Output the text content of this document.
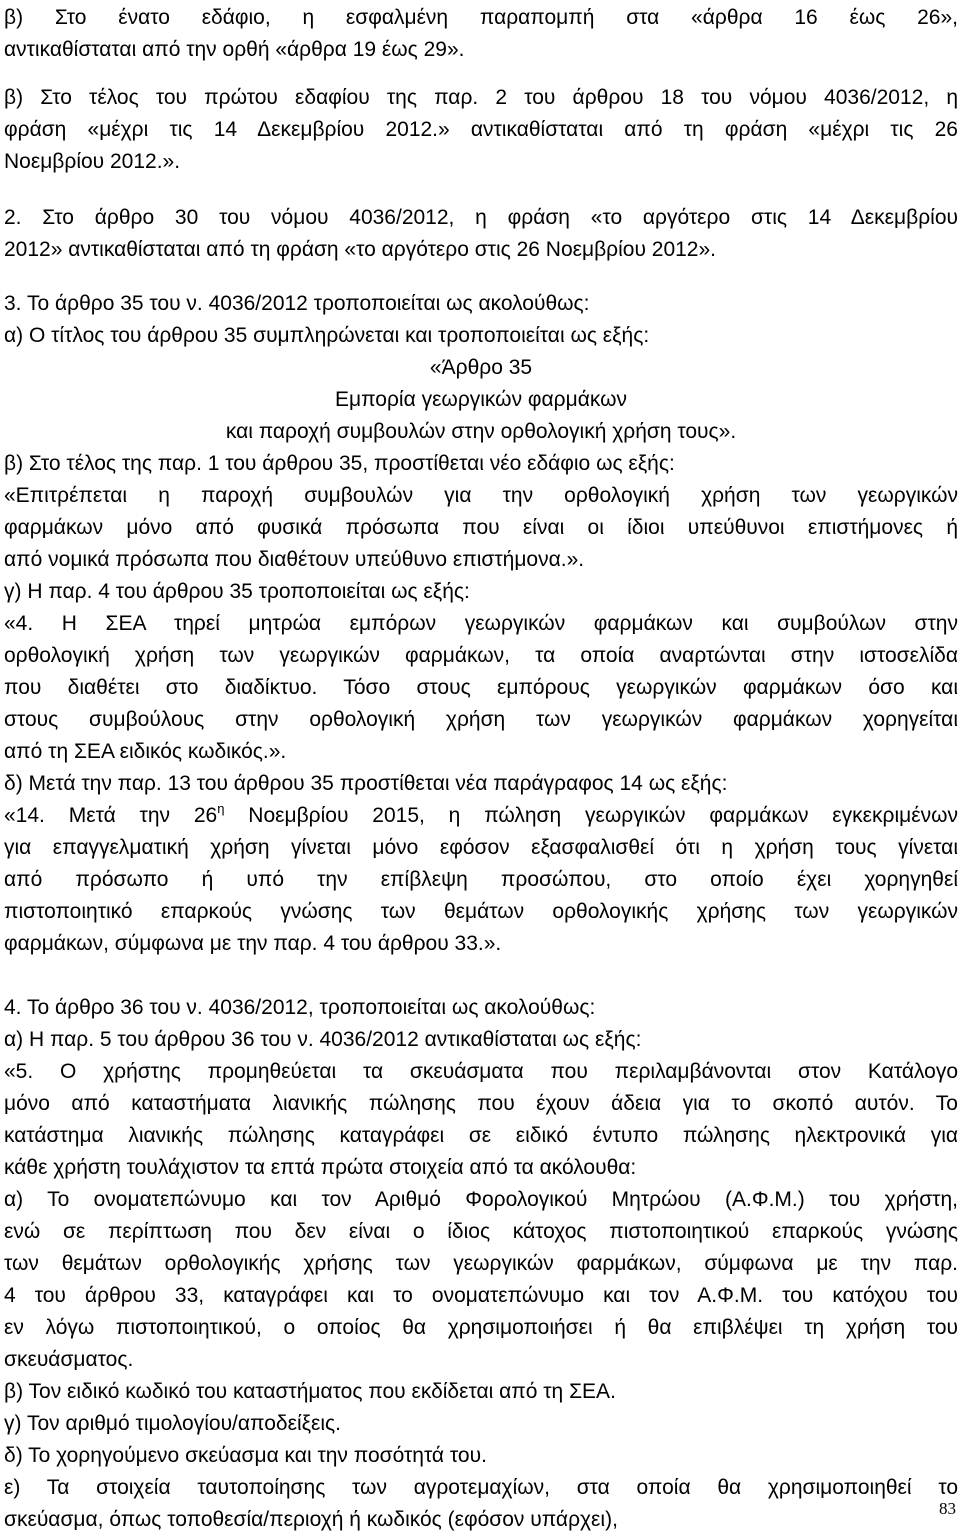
β) Στο ένατο εδάφιο, η εσφαλμένη παραπομπή στα «άρθρα 16 έως 26»,
αντικαθίσταται από την ορθή «άρθρα 19 έως 29».
β) Στο τέλος του πρώτου εδαφίου της παρ. 2 του άρθρου 18 του νόμου 4036/2012, η
φράση «μέχρι τις 14 Δεκεμβρίου 2012.» αντικαθίσταται από τη φράση «μέχρι τις 26
Νοεμβρίου 2012.».
2. Στο άρθρο 30 του νόμου 4036/2012, η φράση «το αργότερο στις 14 Δεκεμβρίου
2012» αντικαθίσταται από τη φράση «το αργότερο στις 26 Νοεμβρίου 2012».
3. Το άρθρο 35 του ν. 4036/2012 τροποποιείται ως ακολούθως:
α) Ο τίτλος του άρθρου 35 συμπληρώνεται και τροποποιείται ως εξής:
«Άρθρο 35
Εμπορία γεωργικών φαρμάκων
και παροχή συμβουλών στην ορθολογική χρήση τους».
β) Στο τέλος της παρ. 1 του άρθρου 35, προστίθεται νέο εδάφιο ως εξής:
«Επιτρέπεται η παροχή συμβουλών για την ορθολογική χρήση των γεωργικών
φαρμάκων μόνο από φυσικά πρόσωπα που είναι οι ίδιοι υπεύθυνοι επιστήμονες ή
από νομικά πρόσωπα που διαθέτουν υπεύθυνο επιστήμονα.».
γ) Η παρ. 4 του άρθρου 35 τροποποιείται ως εξής:
«4. Η ΣΕΑ τηρεί μητρώα εμπόρων γεωργικών φαρμάκων και συμβούλων στην
ορθολογική χρήση των γεωργικών φαρμάκων, τα οποία αναρτώνται στην ιστοσελίδα
που διαθέτει στο διαδίκτυο. Τόσο στους εμπόρους γεωργικών φαρμάκων όσο και
στους συμβούλους στην ορθολογική χρήση των γεωργικών φαρμάκων χορηγείται
από τη ΣΕΑ ειδικός κωδικός.».
δ) Μετά την παρ. 13 του άρθρου 35 προστίθεται νέα παράγραφος 14 ως εξής:
«14. Μετά την $26^\eta$ Νοεμβρίου 2015, η πώληση γεωργικών φαρμάκων εγκεκριμένων
για επαγγελματική χρήση γίνεται μόνο εφόσον εξασφαλισθεί ότι η χρήση τους γίνεται
από πρόσωπο ή υπό την επίβλεψη προσώπου, στο οποίο έχει χορηγηθεί
πιστοποιητικό επαρκούς γνώσης των θεμάτων ορθολογικής χρήσης των γεωργικών
φαρμάκων, σύμφωνα με την παρ. 4 του άρθρου 33.».
4. Το άρθρο 36 του ν. 4036/2012, τροποποιείται ως ακολούθως:
α) Η παρ. 5 του άρθρου 36 του ν. 4036/2012 αντικαθίσταται ως εξής:
«5. Ο χρήστης προμηθεύεται τα σκευάσματα που περιλαμβάνονται στον Κατάλογο
μόνο από καταστήματα λιανικής πώλησης που έχουν άδεια για το σκοπό αυτόν. Το
κατάστημα λιανικής πώλησης καταγράφει σε ειδικό έντυπο πώλησης ηλεκτρονικά για
κάθε χρήστη τουλάχιστον τα επτά πρώτα στοιχεία από τα ακόλουθα:
α) Το ονοματεπώνυμο και τον Αριθμό Φορολογικού Μητρώου (Α.Φ.Μ.) του χρήστη,
ενώ σε περίπτωση που δεν είναι ο ίδιος κάτοχος πιστοποιητικού επαρκούς γνώσης
των θεμάτων ορθολογικής χρήσης των γεωργικών φαρμάκων, σύμφωνα με την παρ.
4 του άρθρου 33, καταγράφει και το ονοματεπώνυμο και τον Α.Φ.Μ. του κατόχου του
εν λόγω πιστοποιητικού, ο οποίος θα χρησιμοποιήσει ή θα επιβλέψει τη χρήση του
σκευάσματος.
β) Τον ειδικό κωδικό του καταστήματος που εκδίδεται από τη ΣΕΑ.
γ) Τον αριθμό τιμολογίου/αποδείξεις.
δ) Το χορηγούμενο σκεύασμα και την ποσότητά του.
ε) Τα στοιχεία ταυτοποίησης των αγροτεμαχίων, στα οποία θα χρησιμοποιηθεί το
σκεύασμα, όπως τοποθεσία/περιοχή ή κωδικός (εφόσον υπάρχει),	83
